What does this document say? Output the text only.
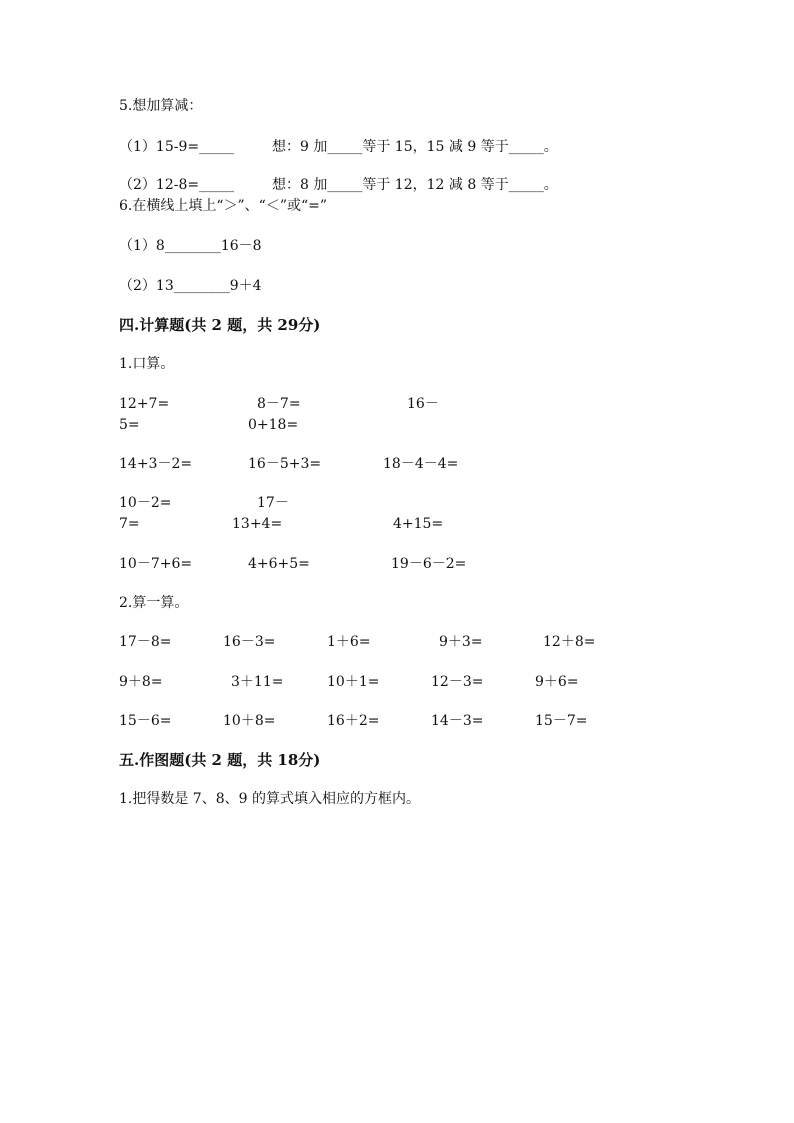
5.想加算减：
（1）15-9=_____	想：9 加_____等于 15，15 减 9 等于_____。
（2）12-8=_____	想：8 加_____等于 12，12 减 8 等于_____。
6.在横线上填上“＞”、“＜”或“=”
（1）8________16－8
（2）13________9＋4
四.计算题(共 2 题，共 29分)
1.口算。
12+7=	8－7=	16－
5=	0+18=
14+3－2=	16－5+3=	18－4－4=
10－2=	17－
7=	13+4=	4+15=
10－7+6=	4+6+5=	19－6－2=
2.算一算。
17－8=	16－3=	1＋6=	9＋3=	12＋8=
9＋8=	3＋11=	10＋1=	12－3=	9＋6=
15－6=	10＋8=	16＋2=	14－3=	15－7=
五.作图题(共 2 题，共 18分)
1.把得数是 7、8、9 的算式填入相应的方框内。
